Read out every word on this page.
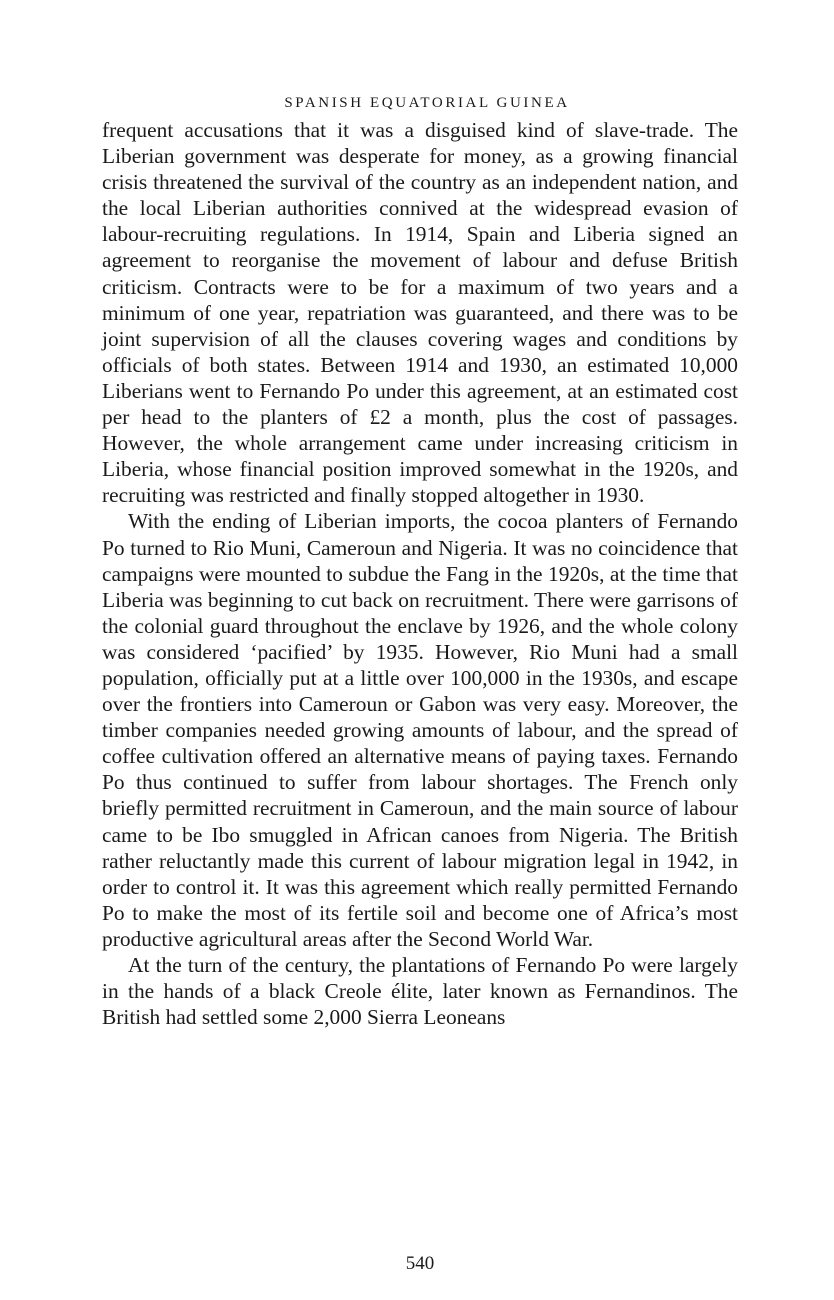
SPANISH EQUATORIAL GUINEA

frequent accusations that it was a disguised kind of slave-trade. The Liberian government was desperate for money, as a growing financial crisis threatened the survival of the country as an independent nation, and the local Liberian authorities connived at the widespread evasion of labour-recruiting regulations. In 1914, Spain and Liberia signed an agreement to reorganise the movement of labour and defuse British criticism. Contracts were to be for a maximum of two years and a minimum of one year, repatriation was guaranteed, and there was to be joint supervision of all the clauses covering wages and conditions by officials of both states. Between 1914 and 1930, an estimated 10,000 Liberians went to Fernando Po under this agreement, at an estimated cost per head to the planters of £2 a month, plus the cost of passages. However, the whole arrangement came under increasing criticism in Liberia, whose financial position improved somewhat in the 1920s, and recruiting was restricted and finally stopped altogether in 1930.

With the ending of Liberian imports, the cocoa planters of Fernando Po turned to Rio Muni, Cameroun and Nigeria. It was no coincidence that campaigns were mounted to subdue the Fang in the 1920s, at the time that Liberia was beginning to cut back on recruitment. There were garrisons of the colonial guard throughout the enclave by 1926, and the whole colony was considered ‘pacified’ by 1935. However, Rio Muni had a small population, officially put at a little over 100,000 in the 1930s, and escape over the frontiers into Cameroun or Gabon was very easy. Moreover, the timber companies needed growing amounts of labour, and the spread of coffee cultivation offered an alternative means of paying taxes. Fernando Po thus continued to suffer from labour shortages. The French only briefly permitted recruitment in Cameroun, and the main source of labour came to be Ibo smuggled in African canoes from Nigeria. The British rather reluctantly made this current of labour migration legal in 1942, in order to control it. It was this agreement which really permitted Fernando Po to make the most of its fertile soil and become one of Africa’s most productive agricultural areas after the Second World War.

At the turn of the century, the plantations of Fernando Po were largely in the hands of a black Creole élite, later known as Fernandinos. The British had settled some 2,000 Sierra Leoneans

540
